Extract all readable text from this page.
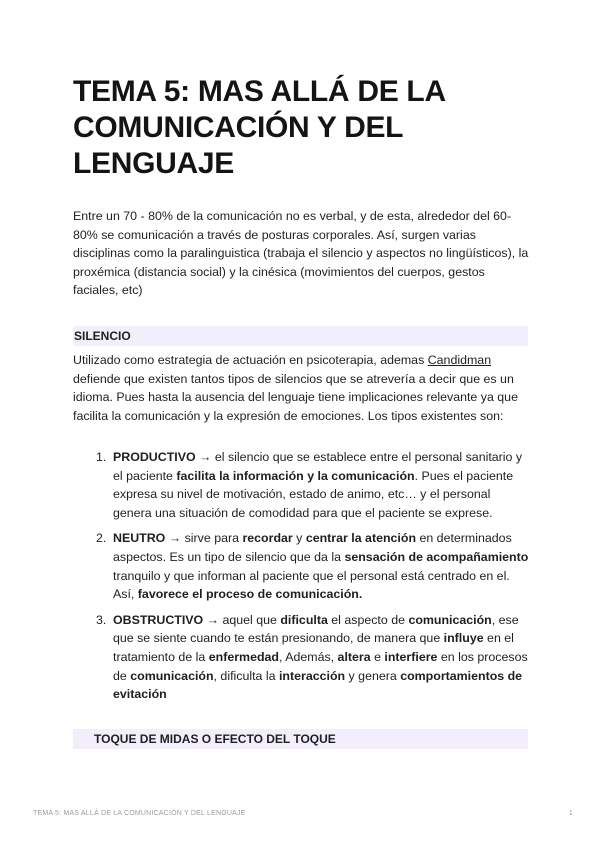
TEMA 5: MAS ALLÁ DE LA COMUNICACIÓN Y DEL LENGUAJE

Entre un 70 - 80% de la comunicación no es verbal, y de esta, alrededor del 60-80% se comunicación a través de posturas corporales. Así, surgen varias disciplinas como la paralinguistica (trabaja el silencio y aspectos no lingüísticos), la proxémica (distancia social) y la cinésica (movimientos del cuerpos, gestos faciales, etc)

SILENCIO

Utilizado como estrategia de actuación en psicoterapia, ademas Candidman defiende que existen tantos tipos de silencios que se atrevería a decir que es un idioma. Pues hasta la ausencia del lenguaje tiene implicaciones relevante ya que facilita la comunicación y la expresión de emociones. Los tipos existentes son:

1. PRODUCTIVO → el silencio que se establece entre el personal sanitario y el paciente facilita la información y la comunicación. Pues el paciente expresa su nivel de motivación, estado de animo, etc… y el personal genera una situación de comodidad para que el paciente se exprese.
2. NEUTRO → sirve para recordar y centrar la atención en determinados aspectos. Es un tipo de silencio que da la sensación de acompañamiento tranquilo y que informan al paciente que el personal está centrado en el. Así, favorece el proceso de comunicación.
3. OBSTRUCTIVO → aquel que dificulta el aspecto de comunicación, ese que se siente cuando te están presionando, de manera que influye en el tratamiento de la enfermedad, Además, altera e interfiere en los procesos de comunicación, dificulta la interacción y genera comportamientos de evitación
TOQUE DE MIDAS O EFECTO DEL TOQUE
TEMA 5: MAS ALLÁ DE LA COMUNICACIÓN Y DEL LENGUAJE	1
